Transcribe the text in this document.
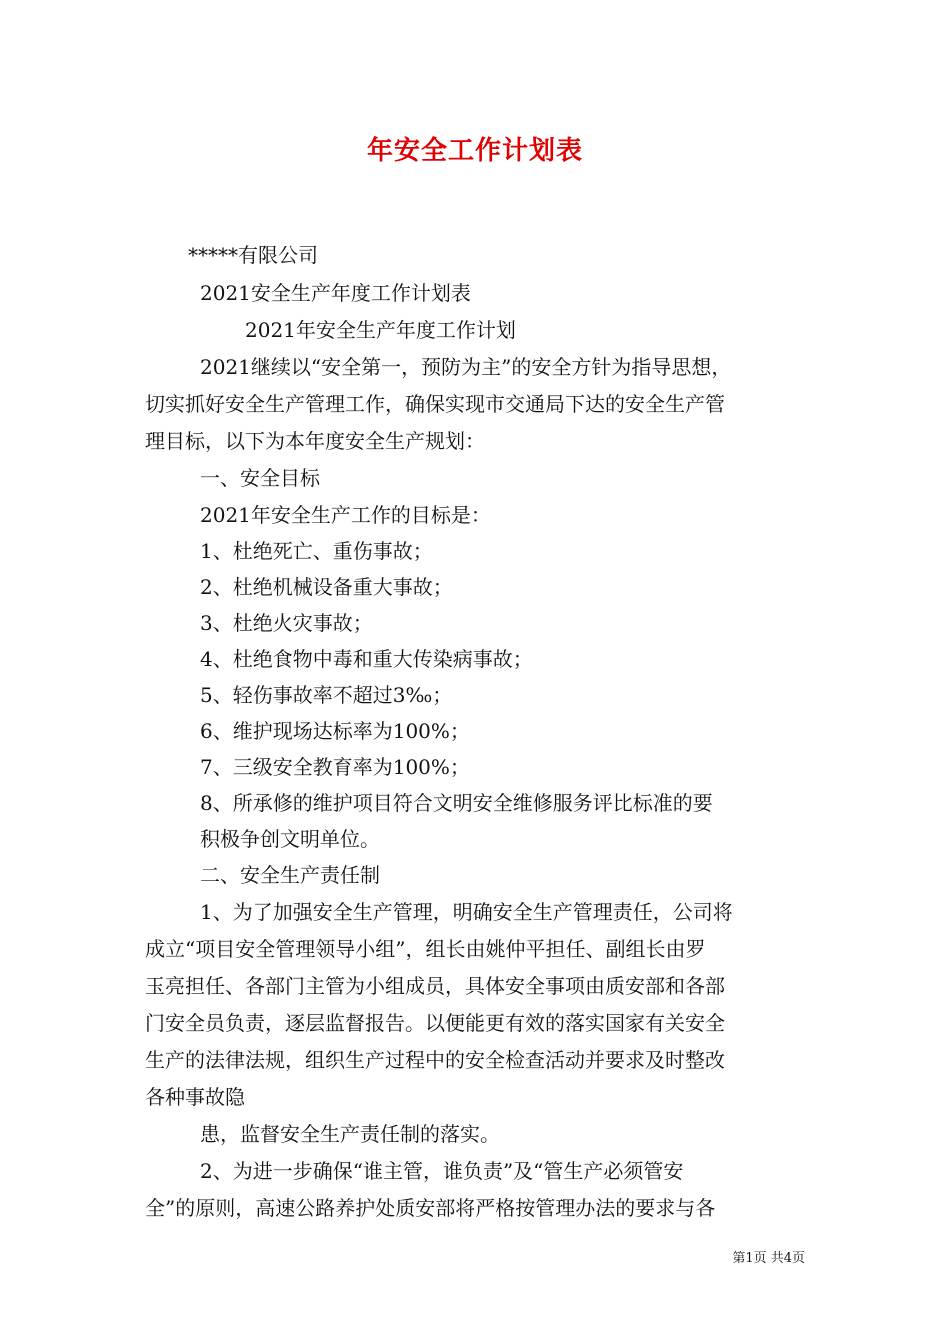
年安全工作计划表
*****有限公司
2021安全生产年度工作计划表
2021年安全生产年度工作计划
2021继续以“安全第一，预防为主”的安全方针为指导思想，
切实抓好安全生产管理工作，确保实现市交通局下达的安全生产管
理目标，以下为本年度安全生产规划：
一、安全目标
2021年安全生产工作的目标是：
1、杜绝死亡、重伤事故；
2、杜绝机械设备重大事故；
3、杜绝火灾事故；
4、杜绝食物中毒和重大传染病事故；
5、轻伤事故率不超过3‰；
6、维护现场达标率为100%；
7、三级安全教育率为100%；
8、所承修的维护项目符合文明安全维修服务评比标准的要
积极争创文明单位。
二、安全生产责任制
1、为了加强安全生产管理，明确安全生产管理责任，公司将
成立“项目安全管理领导小组”，组长由姚仲平担任、副组长由罗
玉亮担任、各部门主管为小组成员，具体安全事项由质安部和各部
门安全员负责，逐层监督报告。以便能更有效的落实国家有关安全
生产的法律法规，组织生产过程中的安全检查活动并要求及时整改
各种事故隐
患，监督安全生产责任制的落实。
2、为进一步确保“谁主管，谁负责”及“管生产必须管安
全”的原则，高速公路养护处质安部将严格按管理办法的要求与各
第1页 共4页
